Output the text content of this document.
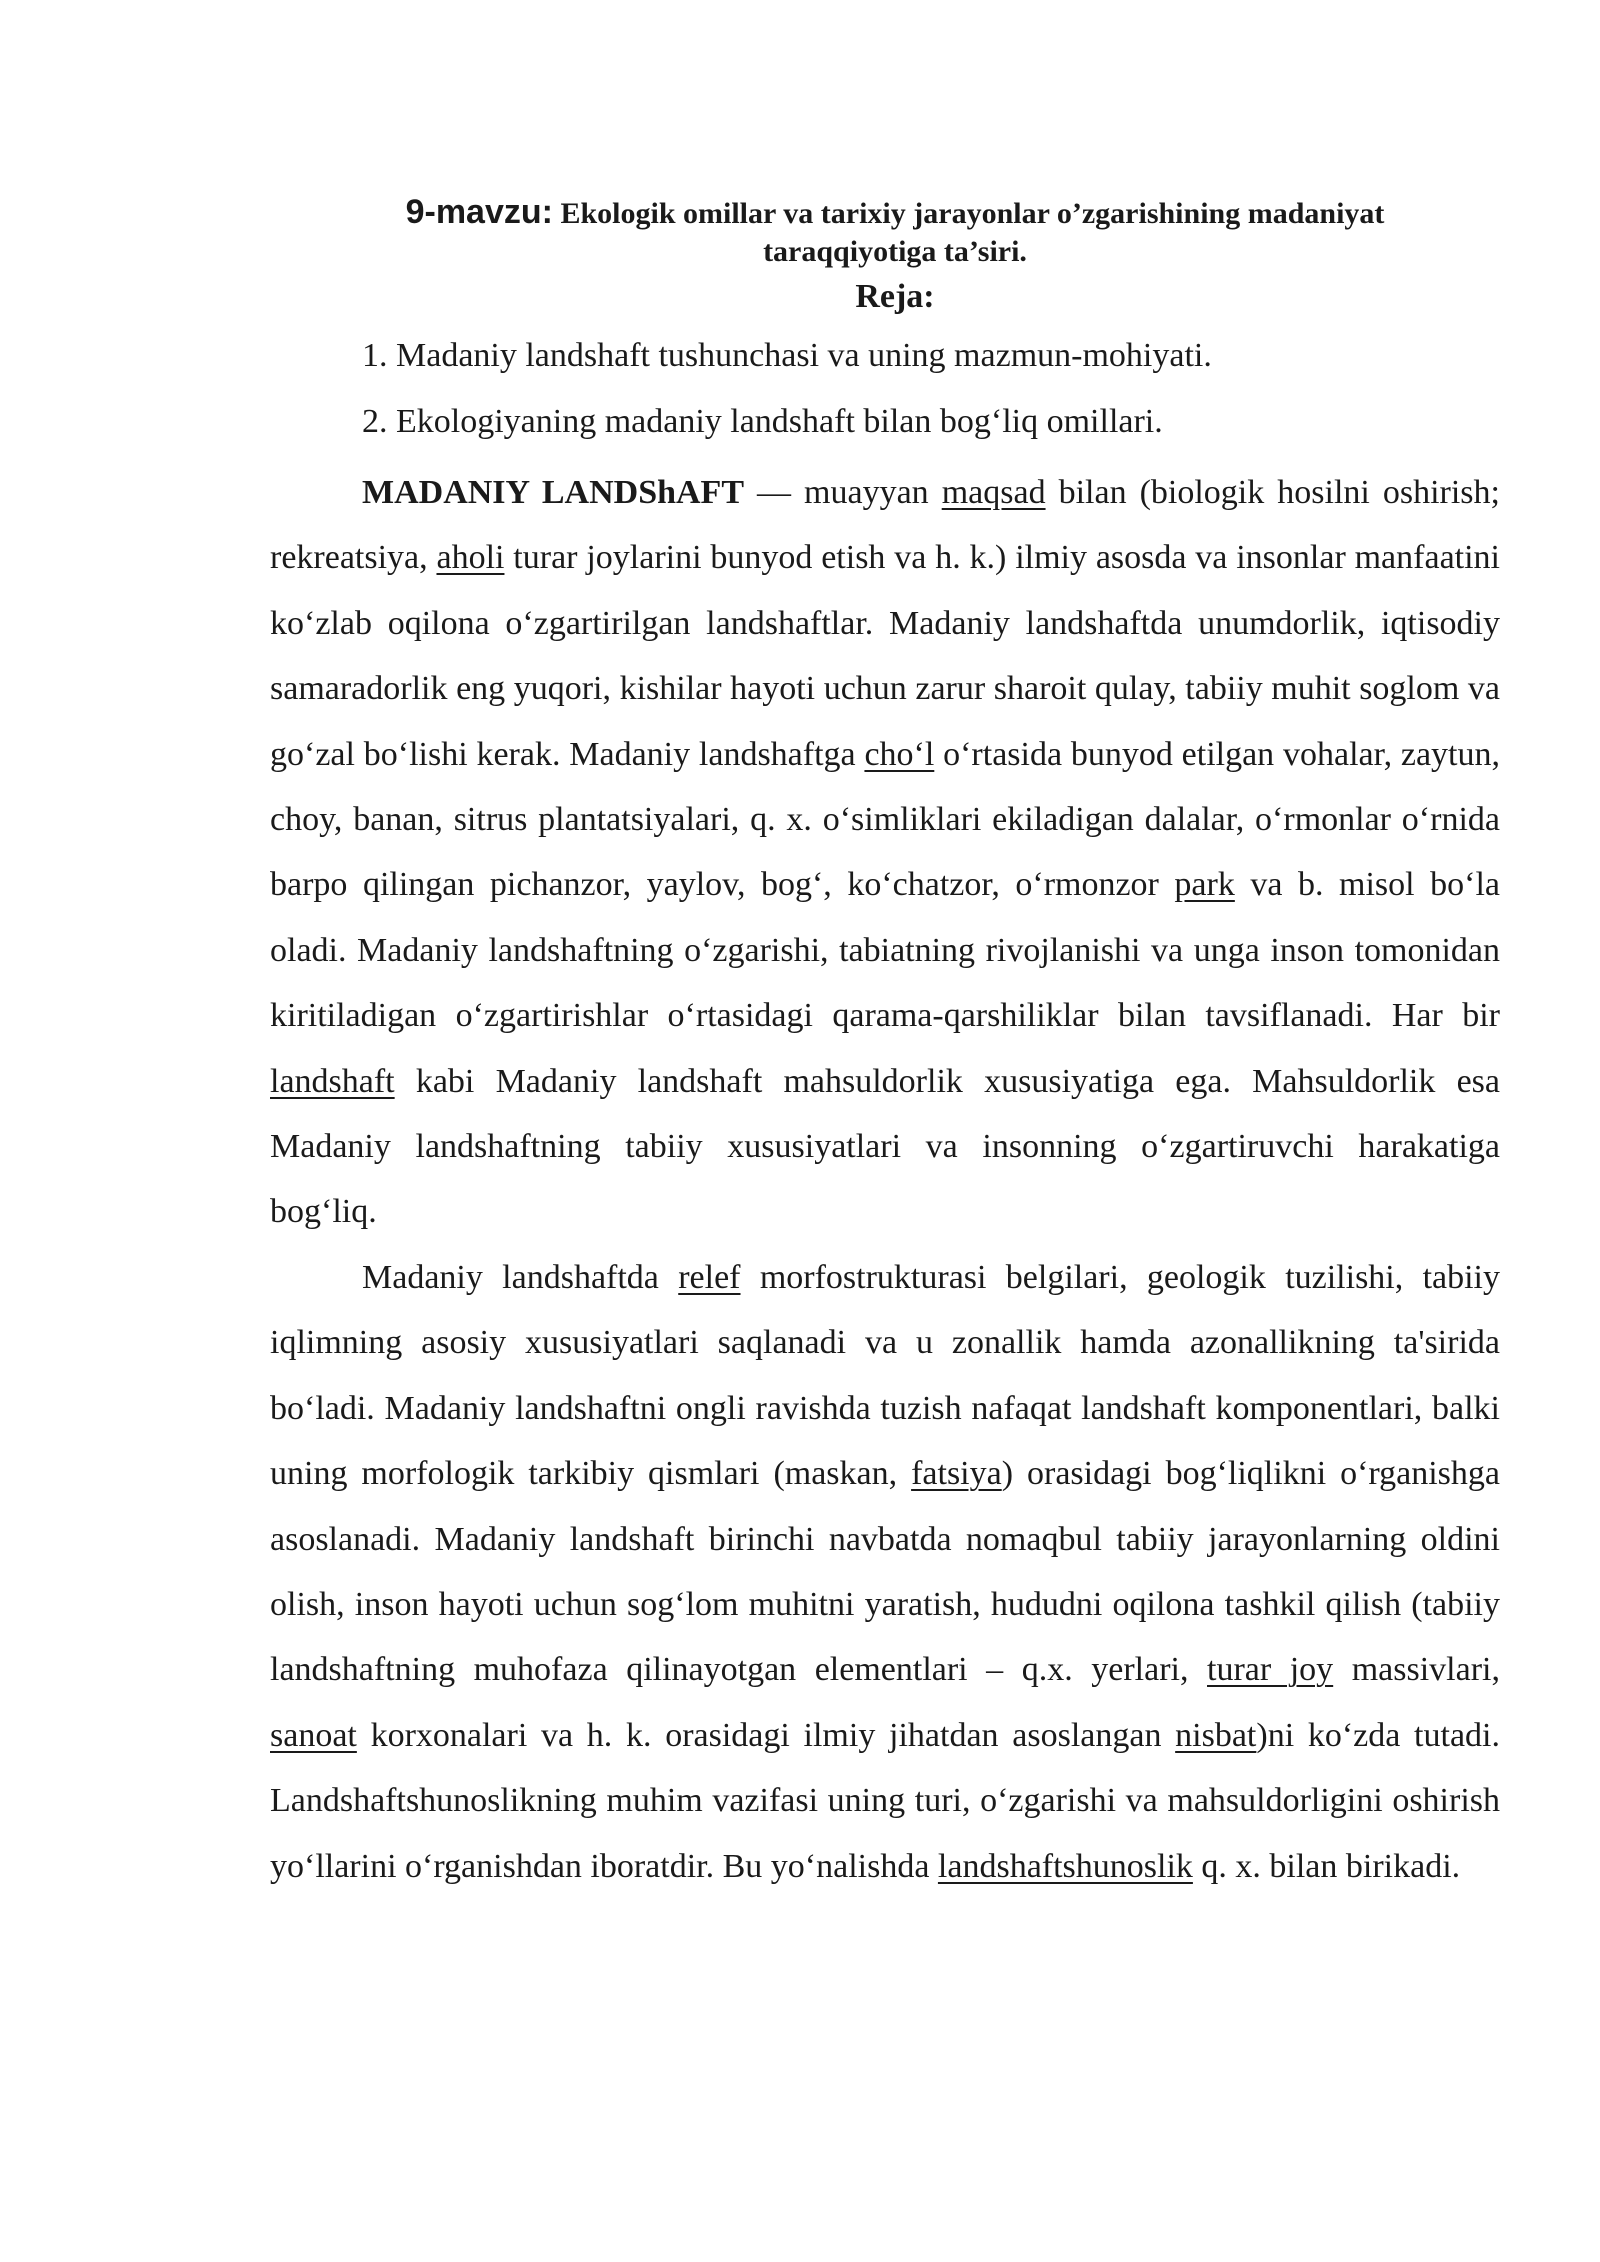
9-mavzu: Ekologik omillar va tarixiy jarayonlar o’zgarishining madaniyat
taraqqiyotiga ta’siri.
Reja:
1. Madaniy landshaft tushunchasi va uning mazmun-mohiyati.
2. Ekologiyaning madaniy landshaft bilan bog‘liq omillari.

MADANIY LANDShAFT — muayyan maqsad bilan (biologik hosilni oshirish; rekreatsiya, aholi turar joylarini bunyod etish va h. k.) ilmiy asosda va insonlar manfaatini ko‘zlab oqilona o‘zgartirilgan landshaftlar. Madaniy landshaftda unumdorlik, iqtisodiy samaradorlik eng yuqori, kishilar hayoti uchun zarur sharoit qulay, tabiiy muhit soglom va go‘zal bo‘lishi kerak. Madaniy landshaftga cho‘l o‘rtasida bunyod etilgan vohalar, zaytun, choy, banan, sitrus plantatsiyalari, q. x. o‘simliklari ekiladigan dalalar, o‘rmonlar o‘rnida barpo qilingan pichanzor, yaylov, bog‘, ko‘chatzor, o‘rmonzor park va b. misol bo‘la oladi. Madaniy landshaftning o‘zgarishi, tabiatning rivojlanishi va unga inson tomonidan kiritiladigan o‘zgartirishlar o‘rtasidagi qarama-qarshiliklar bilan tavsiflanadi. Har bir landshaft kabi Madaniy landshaft mahsuldorlik xususiyatiga ega. Mahsuldorlik esa Madaniy landshaftning tabiiy xususiyatlari va insonning o‘zgartiruvchi harakatiga bog‘liq.

Madaniy landshaftda relef morfostrukturasi belgilari, geologik tuzilishi, tabiiy iqlimning asosiy xususiyatlari saqlanadi va u zonallik hamda azonallikning ta'sirida bo‘ladi. Madaniy landshaftni ongli ravishda tuzish nafaqat landshaft komponentlari, balki uning morfologik tarkibiy qismlari (maskan, fatsiya) orasidagi bog‘liqlikni o‘rganishga asoslanadi. Madaniy landshaft birinchi navbatda nomaqbul tabiiy jarayonlarning oldini olish, inson hayoti uchun sog‘lom muhitni yaratish, hududni oqilona tashkil qilish (tabiiy landshaftning muhofaza qilinayotgan elementlari – q.x. yerlari, turar joy massivlari, sanoat korxonalari va h. k. orasidagi ilmiy jihatdan asoslangan nisbat)ni ko‘zda tutadi. Landshaftshunoslikning muhim vazifasi uning turi, o‘zgarishi va mahsuldorligini oshirish yo‘llarini o‘rganishdan iboratdir. Bu yo‘nalishda landshaftshunoslik q. x. bilan birikadi.
